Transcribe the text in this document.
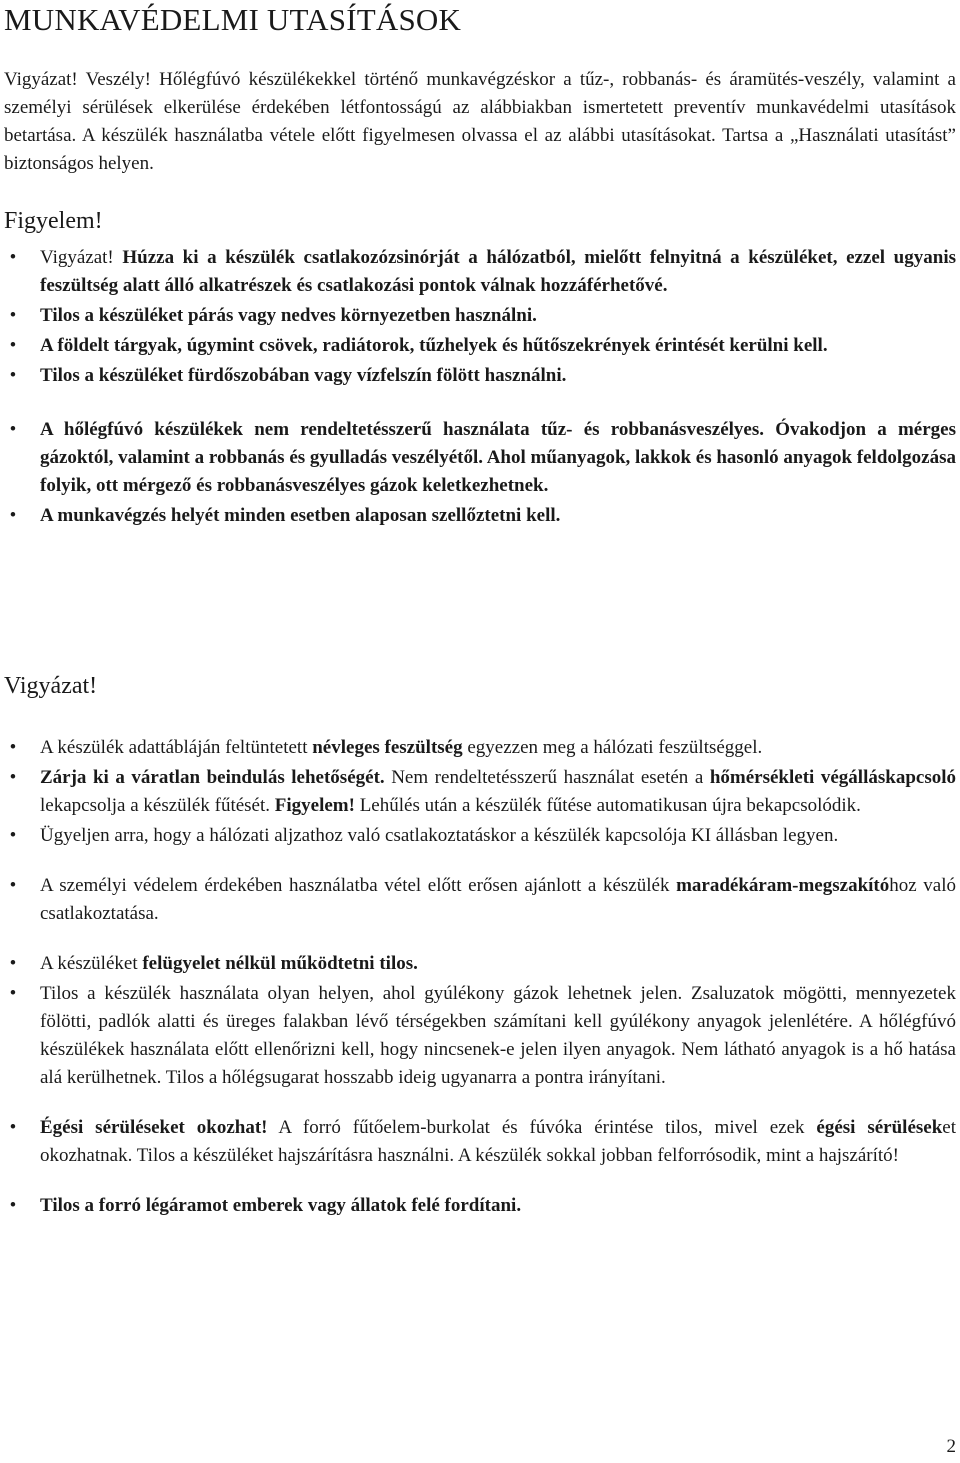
MUNKAVÉDELMI UTASÍTÁSOK

Vigyázat! Veszély! Hőlégfúvó készülékekkel történő munkavégzéskor a tűz-, robbanás- és áramütés-veszély, valamint a személyi sérülések elkerülése érdekében létfontosságú az alábbiakban ismertetett preventív munkavédelmi utasítások betartása. A készülék használatba vétele előtt figyelmesen olvassa el az alábbi utasításokat. Tartsa a „Használati utasítást” biztonságos helyen.

Figyelem!
• Vigyázat! Húzza ki a készülék csatlakozózsinórját a hálózatból, mielőtt felnyitná a készüléket, ezzel ugyanis feszültség alatt álló alkatrészek és csatlakozási pontok válnak hozzáférhetővé.
• Tilos a készüléket párás vagy nedves környezetben használni.
• A földelt tárgyak, úgymint csövek, radiátorok, tűzhelyek és hűtőszekrények érintését kerülni kell.
• Tilos a készüléket fürdőszobában vagy vízfelszín fölött használni.
• A hőlégfúvó készülékek nem rendeltetésszerű használata tűz- és robbanásveszélyes. Óvakodjon a mérges gázoktól, valamint a robbanás és gyulladás veszélyétől. Ahol műanyagok, lakkok és hasonló anyagok feldolgozása folyik, ott mérgező és robbanásveszélyes gázok keletkezhetnek.
• A munkavégzés helyét minden esetben alaposan szellőztetni kell.
Vigyázat!
• A készülék adattábláján feltüntetett névleges feszültség egyezzen meg a hálózati feszültséggel.
• Zárja ki a váratlan beindulás lehetőségét. Nem rendeltetésszerű használat esetén a hőmérsékleti végálláskapcsoló lekapcsolja a készülék fűtését. Figyelem! Lehűlés után a készülék fűtése automatikusan újra bekapcsolódik.
• Ügyeljen arra, hogy a hálózati aljzathoz való csatlakoztatáskor a készülék kapcsolója KI állásban legyen.
• A személyi védelem érdekében használatba vétel előtt erősen ajánlott a készülék maradékáram-megszakítóhoz való csatlakoztatása.
• A készüléket felügyelet nélkül működtetni tilos.
• Tilos a készülék használata olyan helyen, ahol gyúlékony gázok lehetnek jelen. Zsaluzatok mögötti, mennyezetek fölötti, padlók alatti és üreges falakban lévő térségekben számítani kell gyúlékony anyagok jelenlétére. A hőlégfúvó készülékek használata előtt ellenőrizni kell, hogy nincsenek-e jelen ilyen anyagok. Nem látható anyagok is a hő hatása alá kerülhetnek. Tilos a hőlégsugarat hosszabb ideig ugyanarra a pontra irányítani.
• Égési sérüléseket okozhat! A forró fűtőelem-burkolat és fúvóka érintése tilos, mivel ezek égési sérüléseket okozhatnak. Tilos a készüléket hajszárításra használni. A készülék sokkal jobban felforrósodik, mint a hajszárító!
• Tilos a forró légáramot emberek vagy állatok felé fordítani.
2
